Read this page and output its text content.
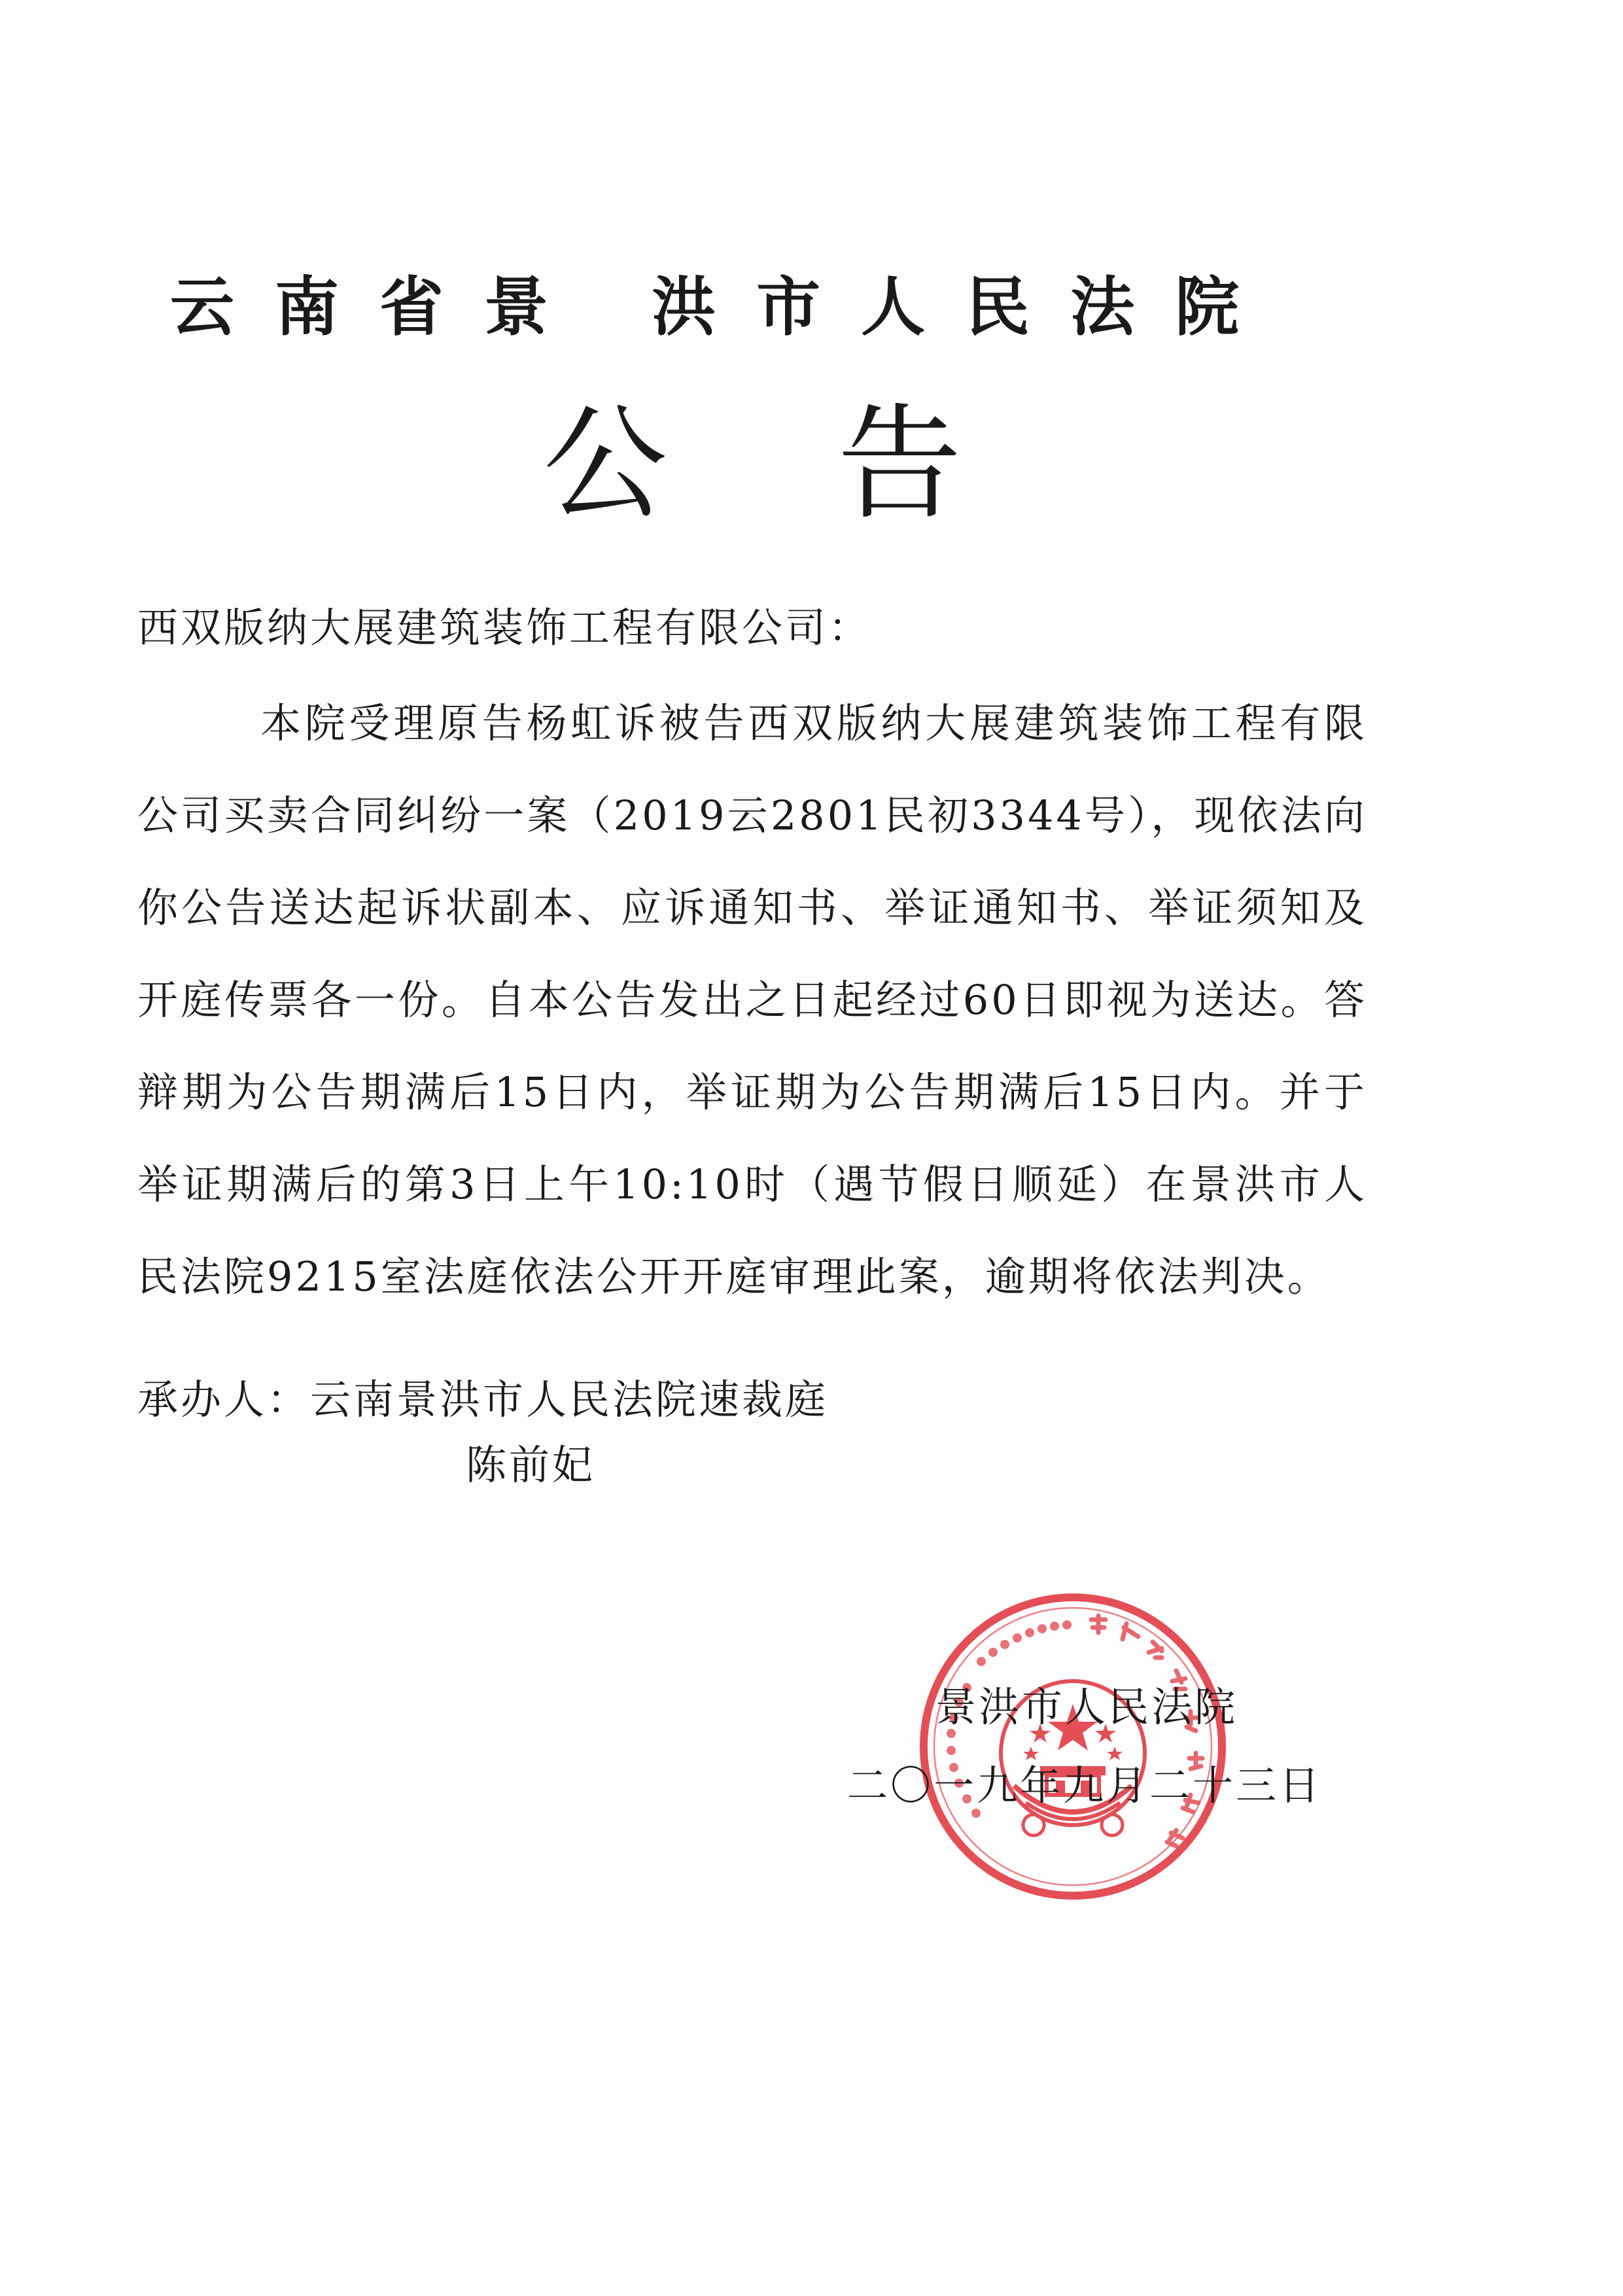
云南省景 洪市人民法院
公告
西双版纳大展建筑装饰工程有限公司：

本院受理原告杨虹诉被告西双版纳大展建筑装饰工程有限公司买卖合同纠纷一案（2019云2801民初3344号），现依法向你公告送达起诉状副本、应诉通知书、举证通知书、举证须知及开庭传票各一份。自本公告发出之日起经过60日即视为送达。答辩期为公告期满后15日内，举证期为公告期满后15日内。并于举证期满后的第3日上午10:10时（遇节假日顺延）在景洪市人民法院9215室法庭依法公开开庭审理此案，逾期将依法判决。

承办人：云南景洪市人民法院速裁庭
陈前妃
景洪市人民法院
二〇一九年九月二十三日
